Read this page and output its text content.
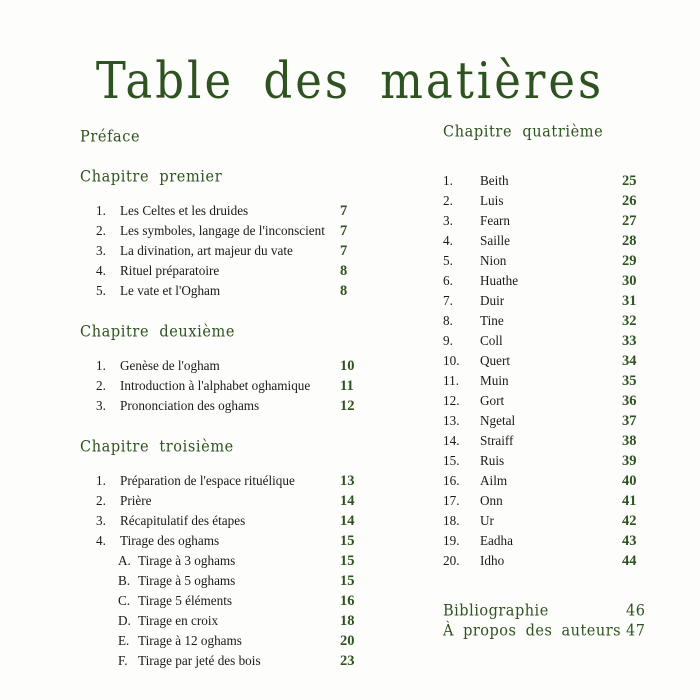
Table des matières
Préface
Chapitre premier
1.	Les Celtes et les druides	7
2.	Les symboles, langage de l'inconscient	7
3.	La divination, art majeur du vate	7
4.	Rituel préparatoire	8
5.	Le vate et l'Ogham	8
Chapitre deuxième
1.	Genèse de l'ogham	10
2.	Introduction à l'alphabet oghamique	11
3.	Prononciation des oghams	12
Chapitre troisième
1.	Préparation de l'espace rituélique	13
2.	Prière	14
3.	Récapitulatif des étapes	14
4.	Tirage des oghams	15
A. Tirage à 3 oghams	15
B. Tirage à 5 oghams	15
C. Tirage 5 éléments	16
D. Tirage en croix	18
E. Tirage à 12 oghams	20
F. Tirage par jeté des bois	23
Chapitre quatrième
1.	Beith	25
2.	Luis	26
3.	Fearn	27
4.	Saille	28
5.	Nion	29
6.	Huathe	30
7.	Duir	31
8.	Tine	32
9.	Coll	33
10.	Quert	34
11.	Muin	35
12.	Gort	36
13.	Ngetal	37
14.	Straiff	38
15.	Ruis	39
16.	Ailm	40
17.	Onn	41
18.	Ur	42
19.	Eadha	43
20.	Idho	44
Bibliographie	46
À propos des auteurs 47
